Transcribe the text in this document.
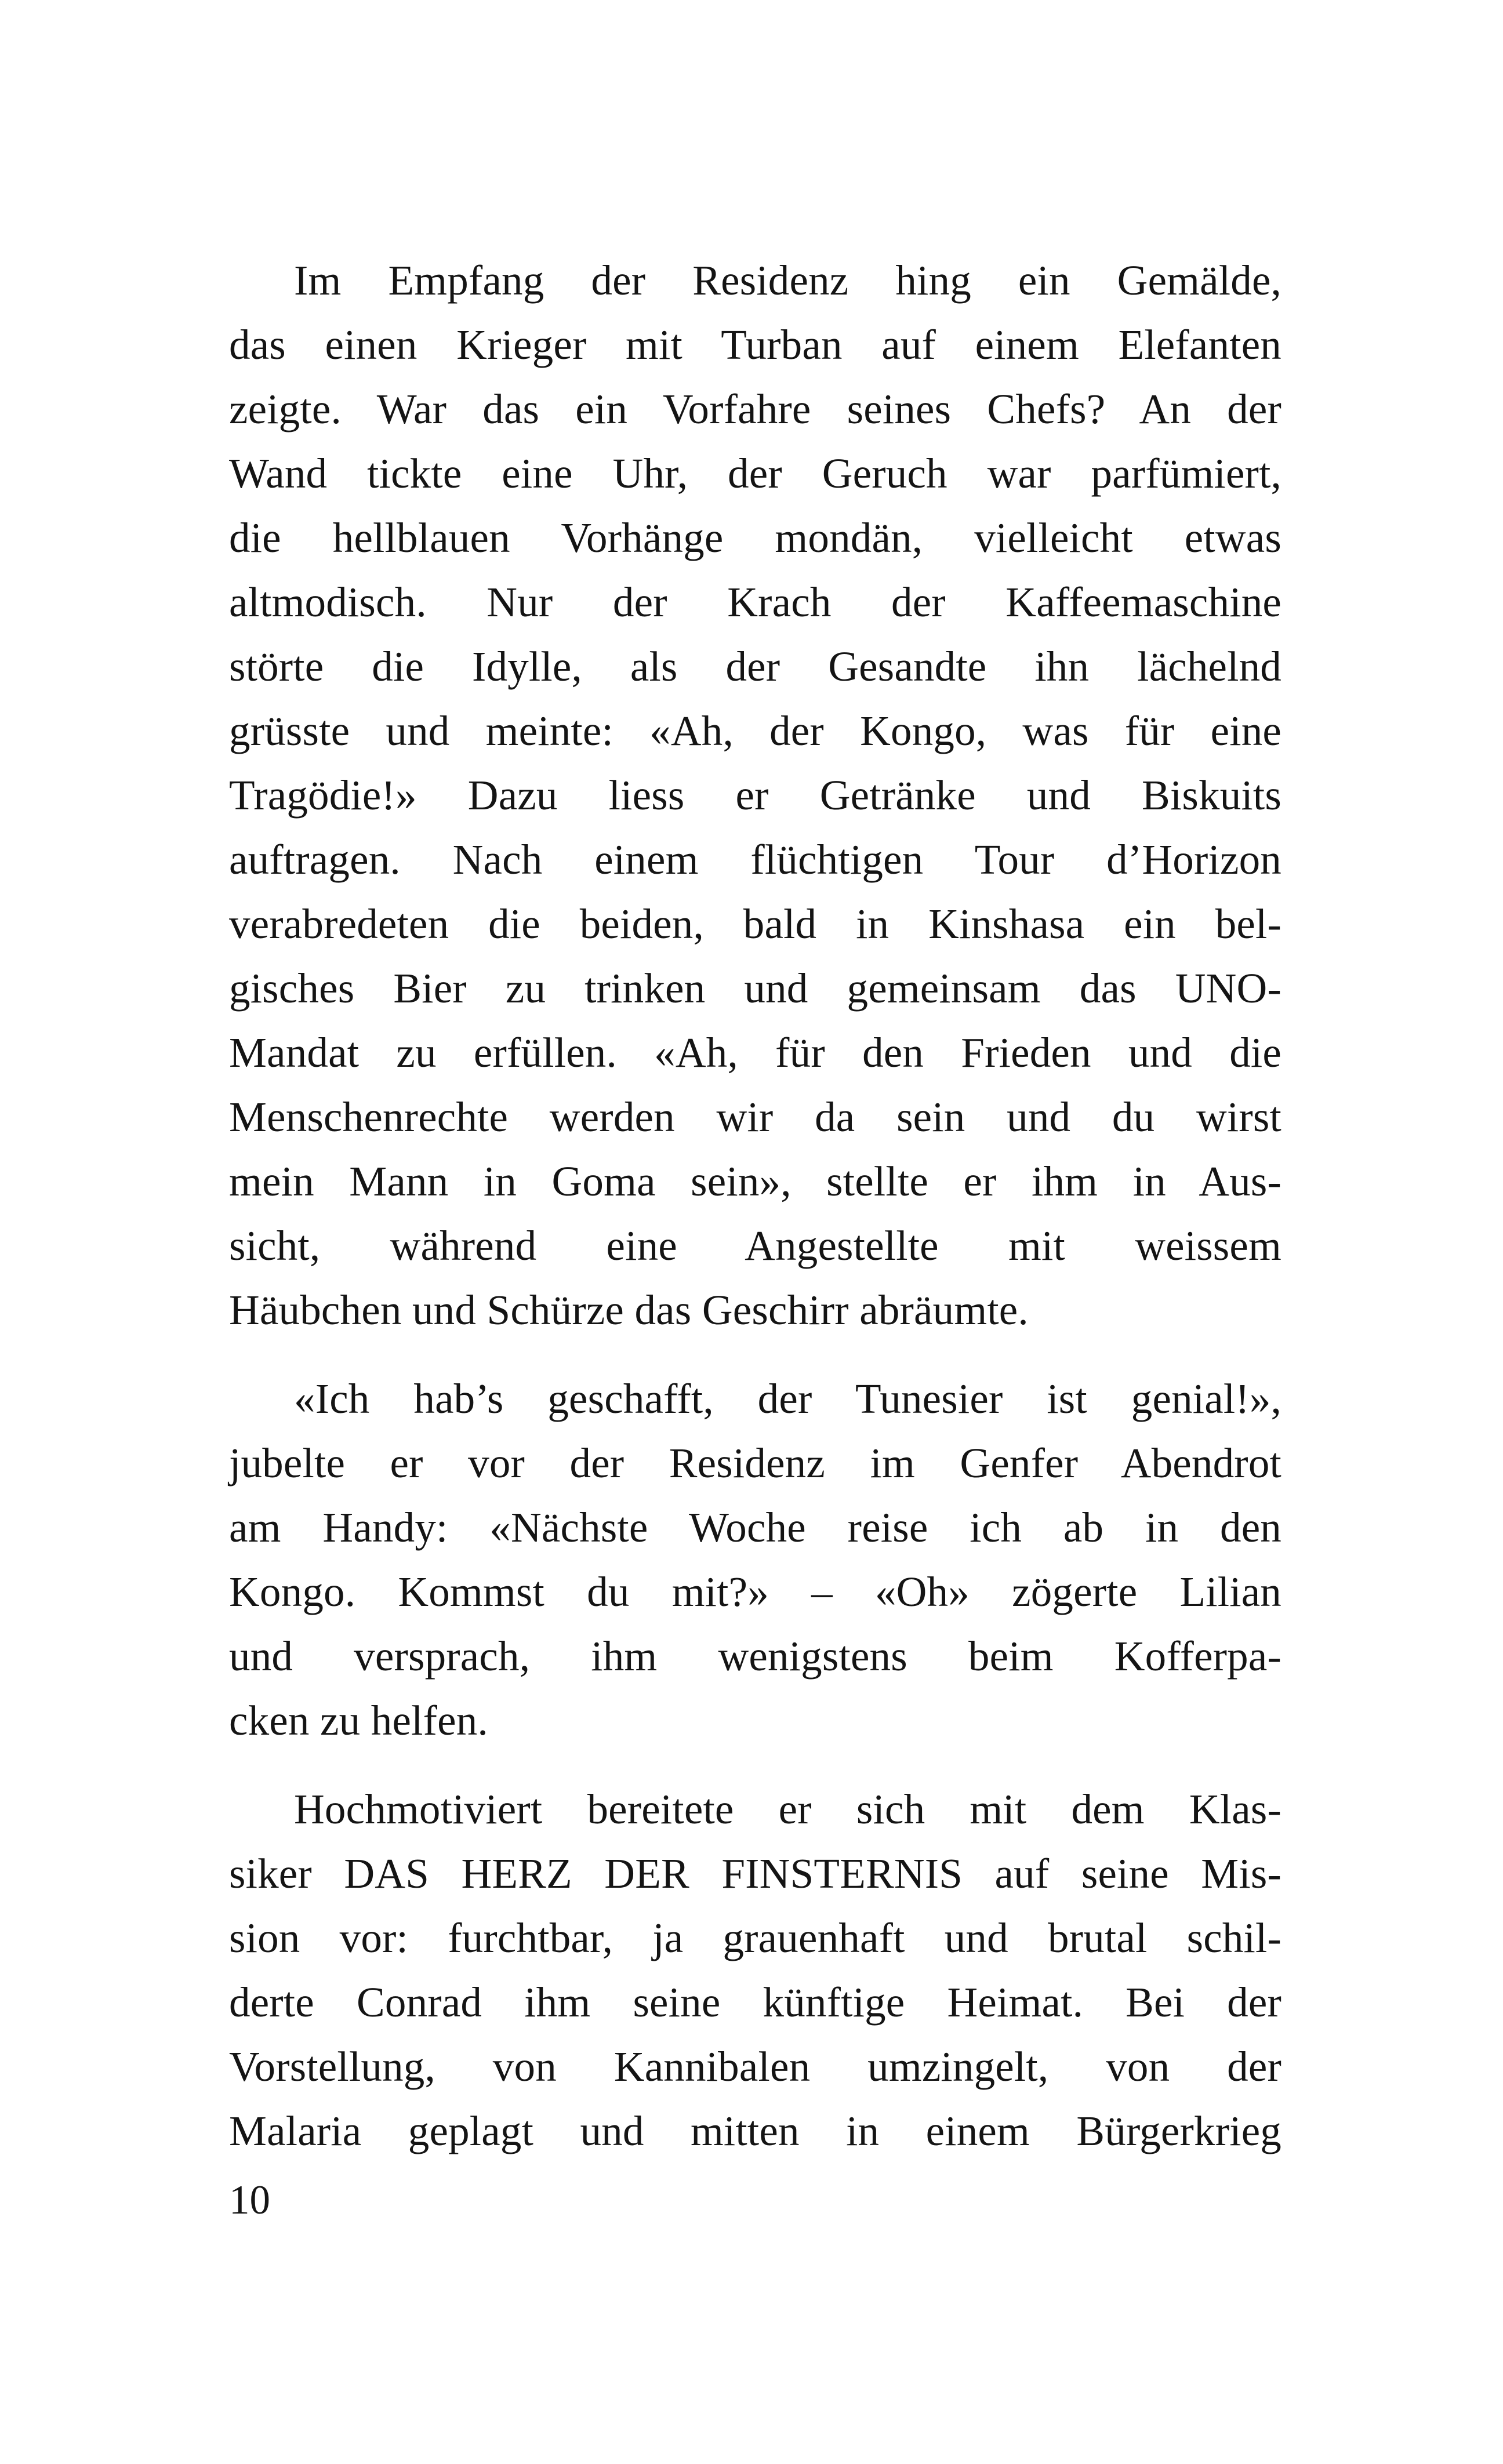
Im Empfang der Residenz hing ein Gemälde,
das einen Krieger mit Turban auf einem Elefanten
zeigte. War das ein Vorfahre seines Chefs? An der
Wand tickte eine Uhr, der Geruch war parfümiert,
die hellblauen Vorhänge mondän, vielleicht etwas
altmodisch. Nur der Krach der Kaffeemaschine
störte die Idylle, als der Gesandte ihn lächelnd
grüsste und meinte: «Ah, der Kongo, was für eine
Tragödie!» Dazu liess er Getränke und Biskuits
auftragen. Nach einem flüchtigen Tour d’Horizon
verabredeten die beiden, bald in Kinshasa ein bel-
gisches Bier zu trinken und gemeinsam das UNO-
Mandat zu erfüllen. «Ah, für den Frieden und die
Menschenrechte werden wir da sein und du wirst
mein Mann in Goma sein», stellte er ihm in Aus-
sicht, während eine Angestellte mit weissem
Häubchen und Schürze das Geschirr abräumte.
«Ich hab’s geschafft, der Tunesier ist genial!»,
jubelte er vor der Residenz im Genfer Abendrot
am Handy: «Nächste Woche reise ich ab in den
Kongo. Kommst du mit?» – «Oh» zögerte Lilian
und versprach, ihm wenigstens beim Kofferpa-
cken zu helfen.
Hochmotiviert bereitete er sich mit dem Klas-
siker DAS HERZ DER FINSTERNIS auf seine Mis-
sion vor: furchtbar, ja grauenhaft und brutal schil-
derte Conrad ihm seine künftige Heimat. Bei der
Vorstellung, von Kannibalen umzingelt, von der
Malaria geplagt und mitten in einem Bürgerkrieg
10
